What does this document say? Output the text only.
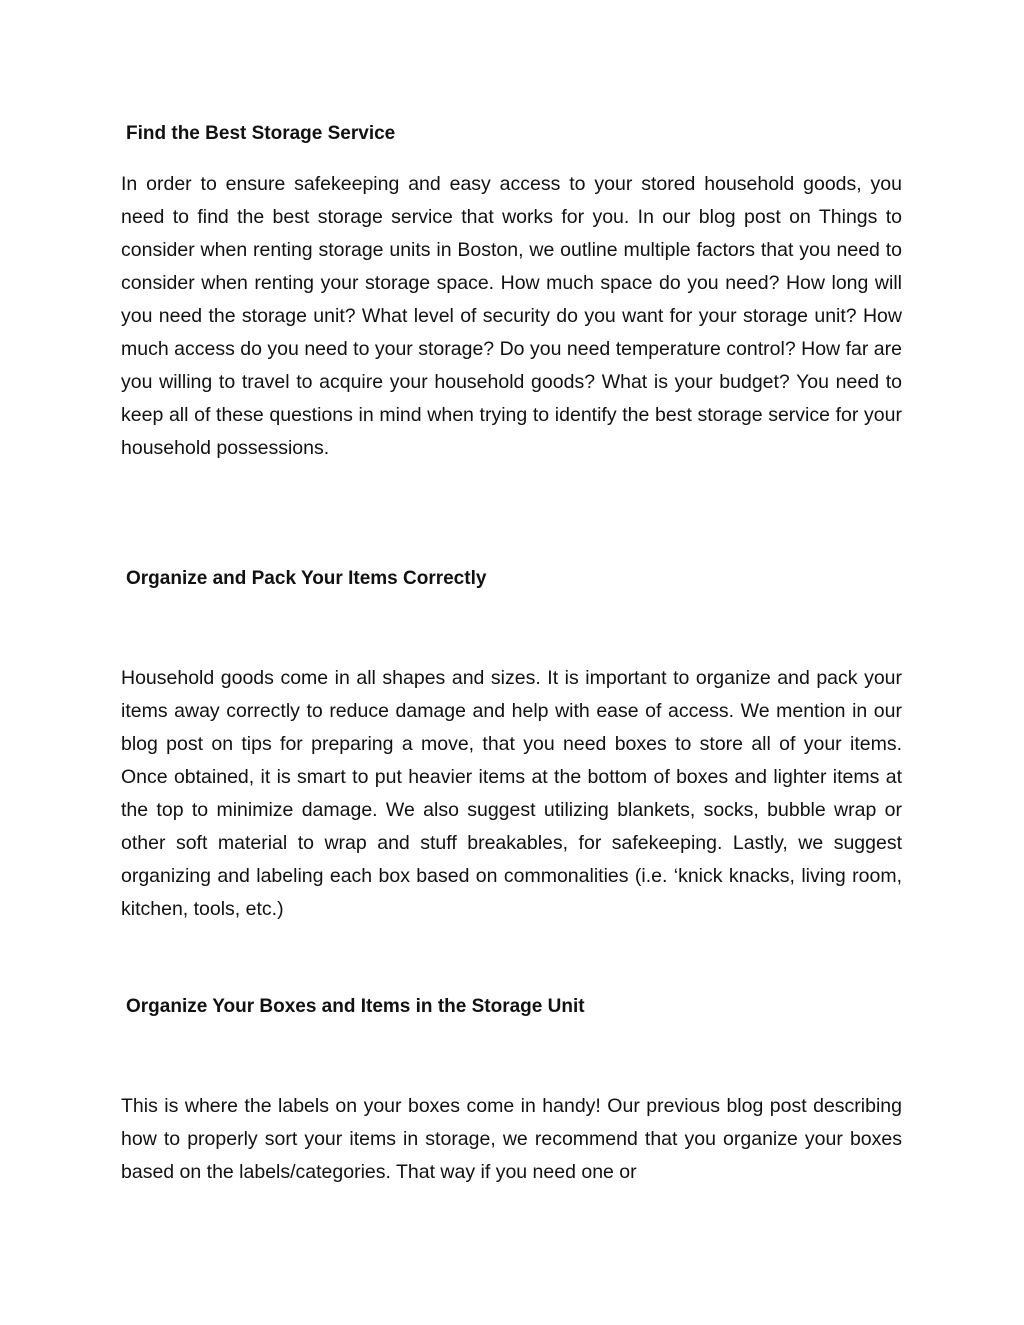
Find the Best Storage Service

In order to ensure safekeeping and easy access to your stored household goods, you need to find the best storage service that works for you. In our blog post on Things to consider when renting storage units in Boston, we outline multiple factors that you need to consider when renting your storage space. How much space do you need? How long will you need the storage unit? What level of security do you want for your storage unit? How much access do you need to your storage? Do you need temperature control? How far are you willing to travel to acquire your household goods? What is your budget? You need to keep all of these questions in mind when trying to identify the best storage service for your household possessions.

Organize and Pack Your Items Correctly

Household goods come in all shapes and sizes. It is important to organize and pack your items away correctly to reduce damage and help with ease of access. We mention in our blog post on tips for preparing a move, that you need boxes to store all of your items. Once obtained, it is smart to put heavier items at the bottom of boxes and lighter items at the top to minimize damage. We also suggest utilizing blankets, socks, bubble wrap or other soft material to wrap and stuff breakables, for safekeeping. Lastly, we suggest organizing and labeling each box based on commonalities (i.e. ‘knick knacks, living room, kitchen, tools, etc.)

Organize Your Boxes and Items in the Storage Unit

This is where the labels on your boxes come in handy! Our previous blog post describing how to properly sort your items in storage, we recommend that you organize your boxes based on the labels/categories. That way if you need one or
